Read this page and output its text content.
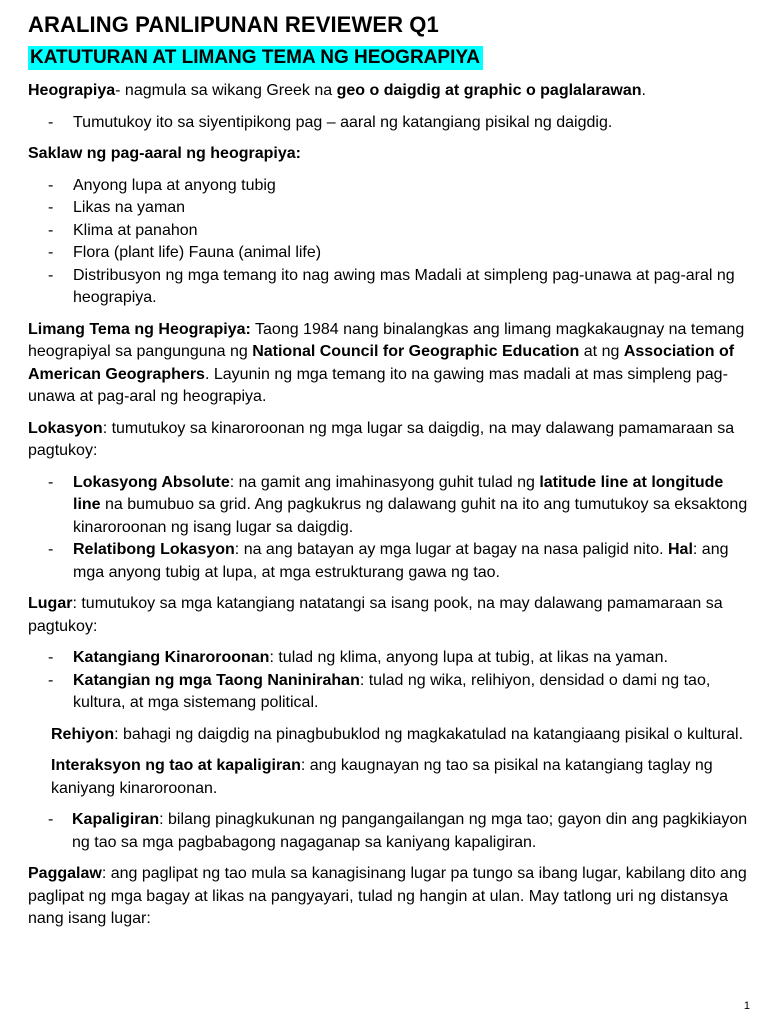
ARALING PANLIPUNAN REVIEWER Q1
KATUTURAN AT LIMANG TEMA NG HEOGRAPIYA

Heograpiya- nagmula sa wikang Greek na geo o daigdig at graphic o paglalarawan.

- Tumutukoy ito sa siyentipikong pag – aaral ng katangiang pisikal ng daigdig.

Saklaw ng pag-aaral ng heograpiya:

- Anyong lupa at anyong tubig
- Likas na yaman
- Klima at panahon
- Flora (plant life) Fauna (animal life)
- Distribusyon ng mga temang ito nag awing mas Madali at simpleng pag-unawa at pag-aral ng heograpiya.

Limang Tema ng Heograpiya: Taong 1984 nang binalangkas ang limang magkakaugnay na temang heograpiyal sa pangunguna ng National Council for Geographic Education at ng Association of American Geographers. Layunin ng mga temang ito na gawing mas madali at mas simpleng pag-unawa at pag-aral ng heograpiya.

Lokasyon: tumutukoy sa kinaroroonan ng mga lugar sa daigdig, na may dalawang pamamaraan sa pagtukoy:

- Lokasyong Absolute: na gamit ang imahinasyong guhit tulad ng latitude line at longitude line na bumubuo sa grid. Ang pagkukrus ng dalawang guhit na ito ang tumutukoy sa eksaktong kinaroroonan ng isang lugar sa daigdig.
- Relatibong Lokasyon: na ang batayan ay mga lugar at bagay na nasa paligid nito. Hal: ang mga anyong tubig at lupa, at mga estrukturang gawa ng tao.

Lugar: tumutukoy sa mga katangiang natatangi sa isang pook, na may dalawang pamamaraan sa pagtukoy:

- Katangiang Kinaroroonan: tulad ng klima, anyong lupa at tubig, at likas na yaman.
- Katangian ng mga Taong Naninirahan: tulad ng wika, relihiyon, densidad o dami ng tao, kultura, at mga sistemang political.

Rehiyon: bahagi ng daigdig na pinagbubuklod ng magkakatulad na katangiaang pisikal o kultural.

Interaksyon ng tao at kapaligiran: ang kaugnayan ng tao sa pisikal na katangiang taglay ng kaniyang kinaroroonan.

- Kapaligiran: bilang pinagkukunan ng pangangailangan ng mga tao; gayon din ang pagkikiayon ng tao sa mga pagbabagong nagaganap sa kaniyang kapaligiran.

Paggalaw: ang paglipat ng tao mula sa kanagisinang lugar pa tungo sa ibang lugar, kabilang dito ang paglipat ng mga bagay at likas na pangyayari, tulad ng hangin at ulan. May tatlong uri ng distansya nang isang lugar:

1
